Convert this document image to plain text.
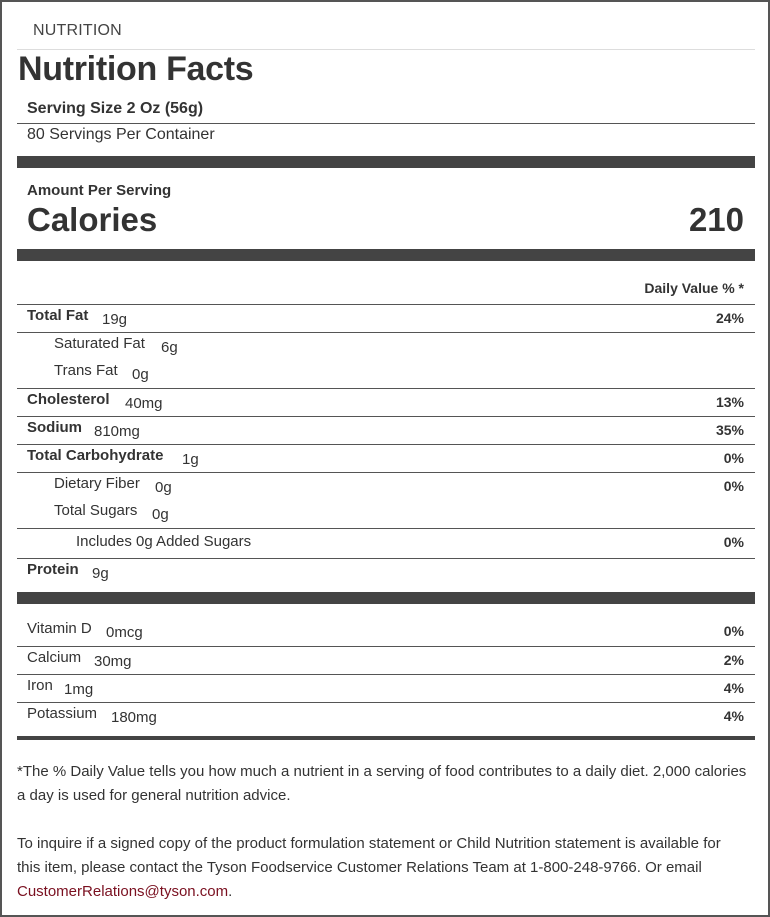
NUTRITION
Nutrition Facts
Serving Size 2 Oz (56g)
80 Servings Per Container
Amount Per Serving
Calories	210
Daily Value % *
Total Fat 19g	24%
Saturated Fat 6g
Trans Fat 0g
Cholesterol 40mg	13%
Sodium 810mg	35%
Total Carbohydrate 1g	0%
Dietary Fiber 0g	0%
Total Sugars 0g
Includes 0g Added Sugars	0%
Protein 9g
Vitamin D 0mcg	0%
Calcium 30mg	2%
Iron 1mg	4%
Potassium 180mg	4%
*The % Daily Value tells you how much a nutrient in a serving of food contributes to a daily diet. 2,000 calories a day is used for general nutrition advice.
To inquire if a signed copy of the product formulation statement or Child Nutrition statement is available for this item, please contact the Tyson Foodservice Customer Relations Team at 1-800-248-9766. Or email CustomerRelations@tyson.com.
